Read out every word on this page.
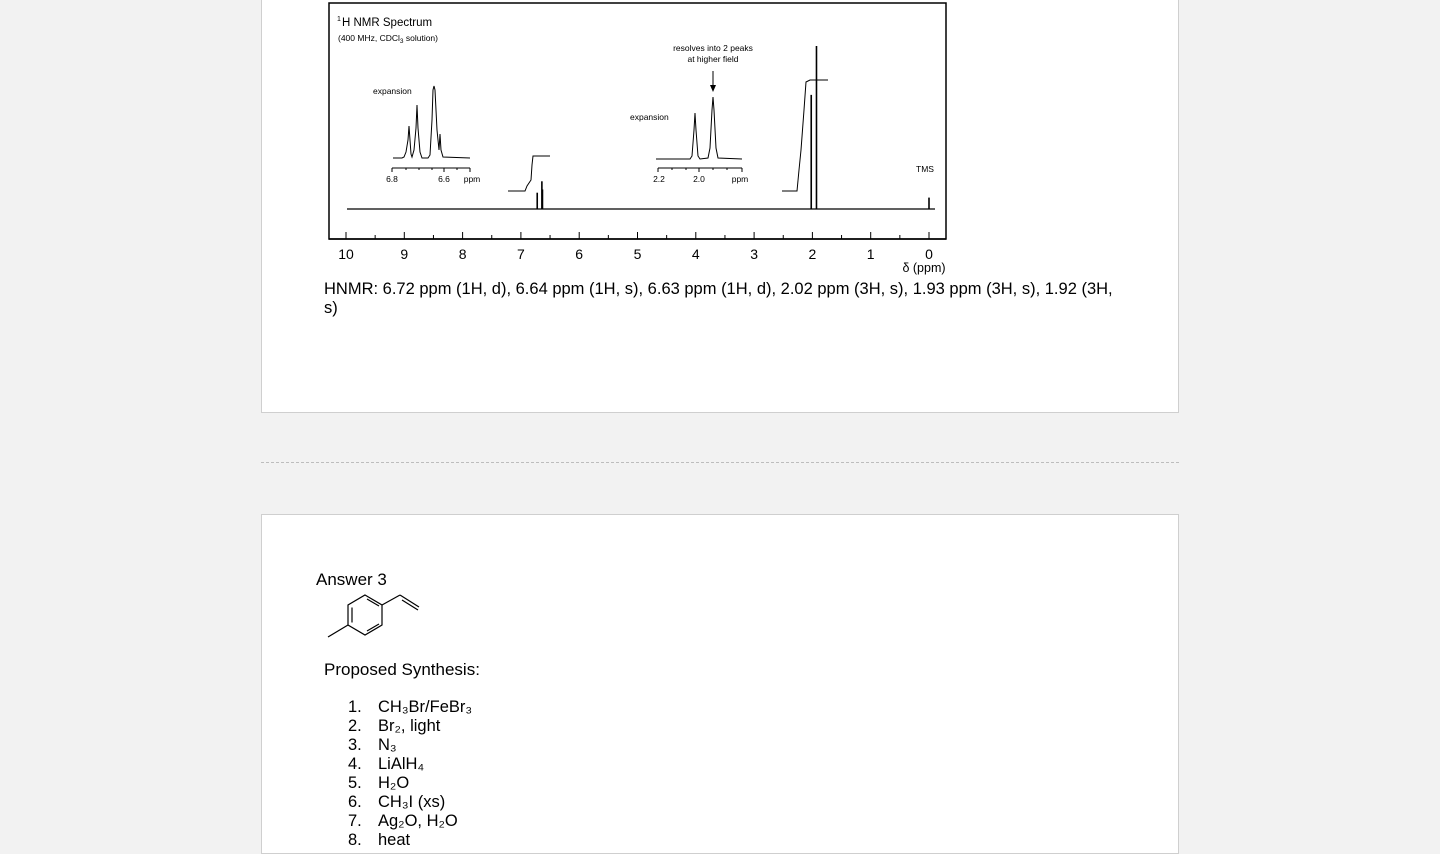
1 H NMR Spectrum
(400 MHz, CDCl$_3$ solution)
resolves into 2 peaks
at higher field
expansion
6.8	6.6 ppm
expansion
2.2	2.0	ppm
TMS
10	9	8	7	6	5	4	3	2	1	0
δ (ppm)
HNMR: 6.72 ppm (1H, d), 6.64 ppm (1H, s), 6.63 ppm (1H, d), 2.02 ppm (3H, s), 1.93 ppm (3H, s), 1.92 (3H, s)
Answer 3
Proposed Synthesis:
1. CH₃Br/FeBr₃
2. Br₂, light
3. N₃
4. LiAlH₄
5. H₂O
6. CH₃I (xs)
7. Ag₂O, H₂O
8. heat
